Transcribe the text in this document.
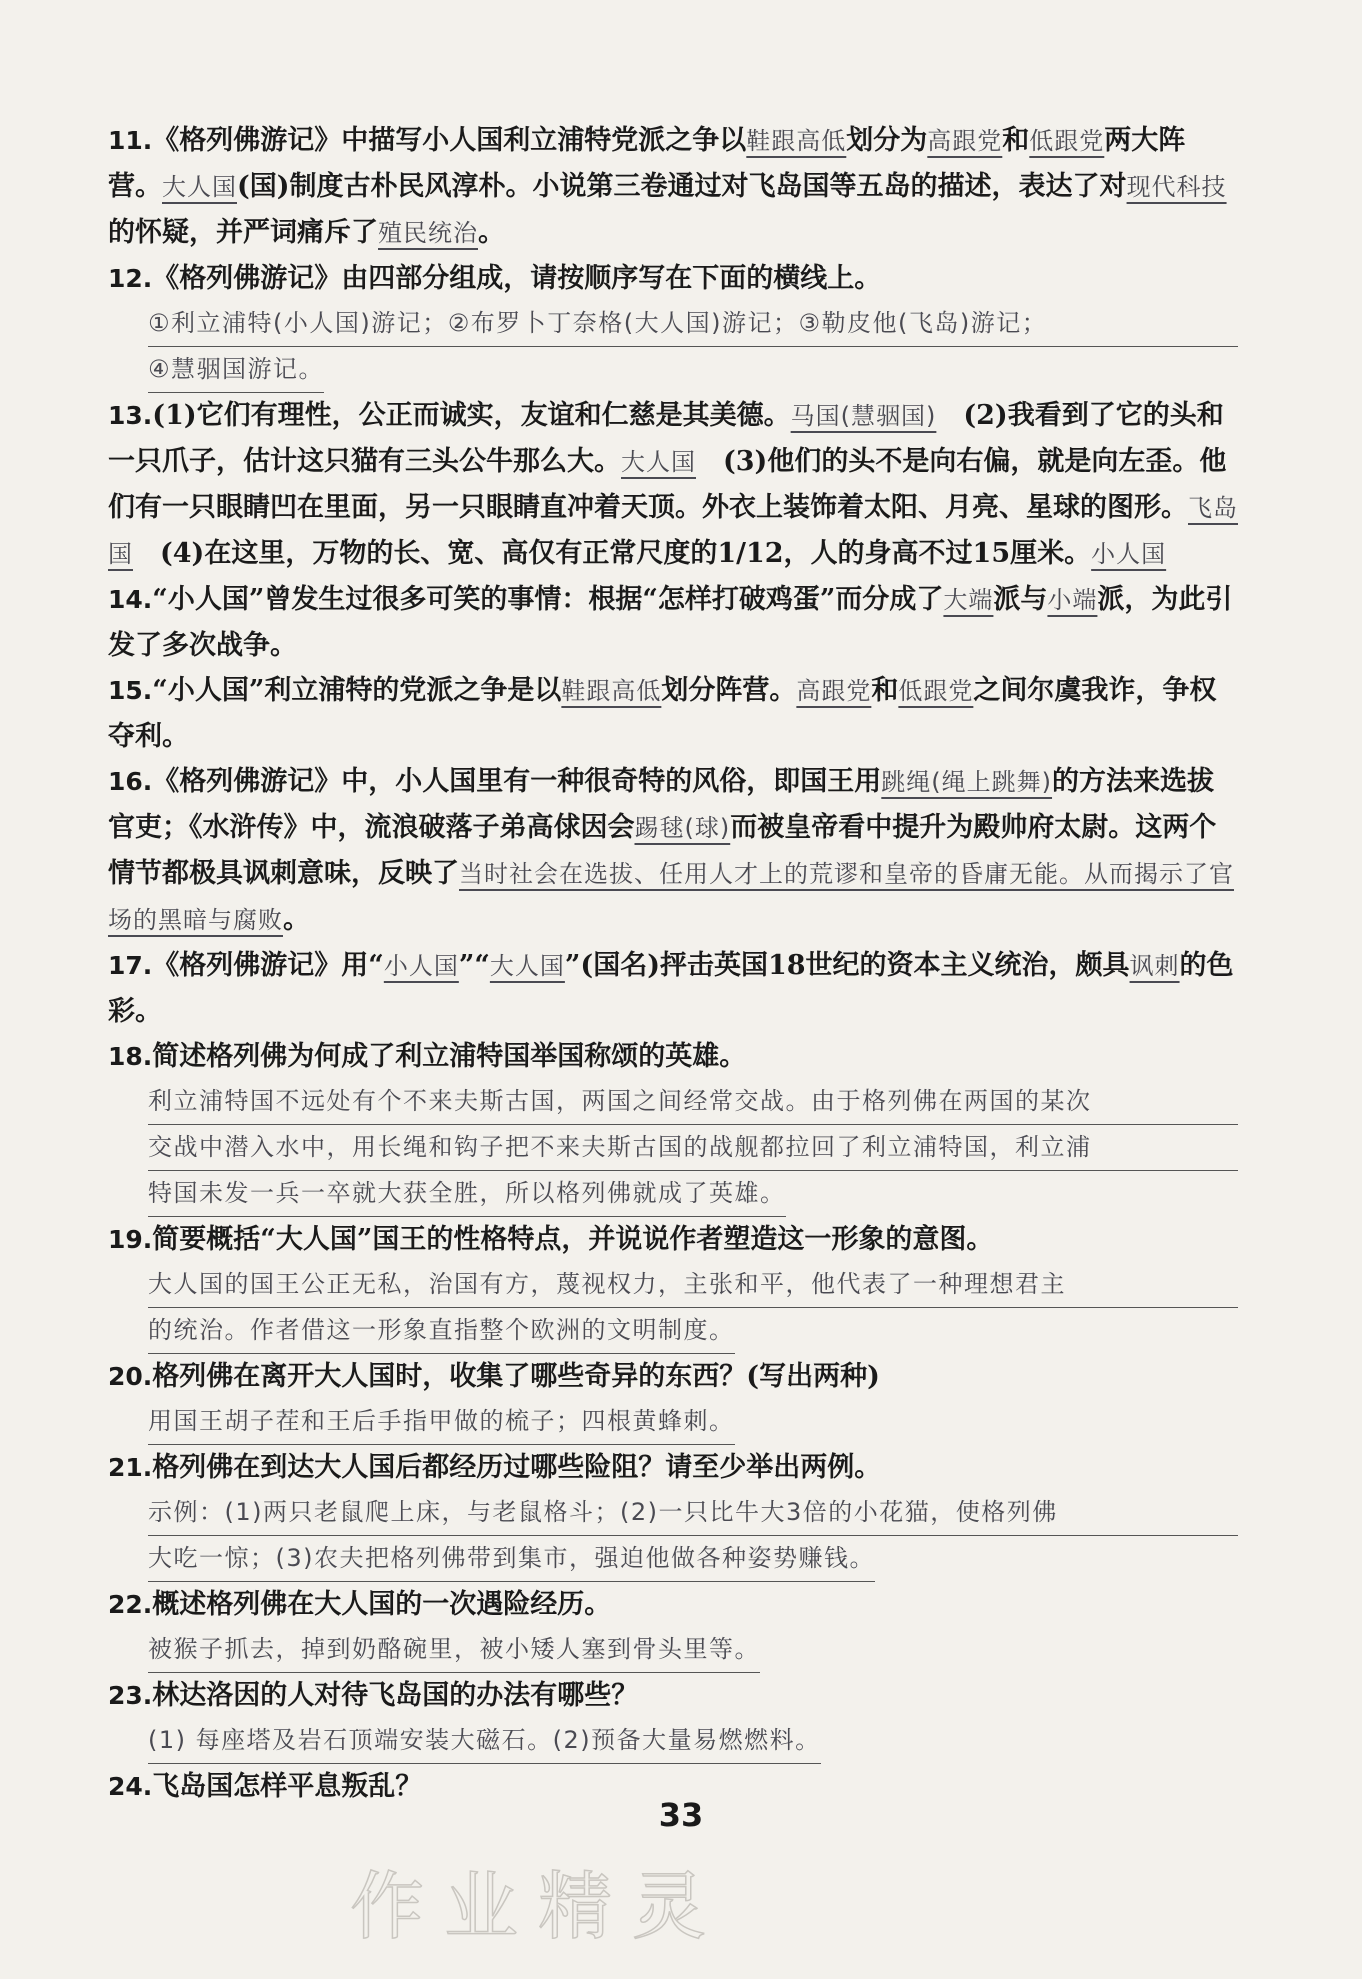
11.《格列佛游记》中描写小人国利立浦特党派之争以鞋跟高低划分为高跟党和低跟党两大阵营。大人国(国)制度古朴民风淳朴。小说第三卷通过对飞岛国等五岛的描述，表达了对现代科技的怀疑，并严词痛斥了殖民统治。
12.《格列佛游记》由四部分组成，请按顺序写在下面的横线上。
①利立浦特(小人国)游记；②布罗卜丁奈格(大人国)游记；③勒皮他(飞岛)游记；
④慧骃国游记。
13.(1)它们有理性，公正而诚实，友谊和仁慈是其美德。马国(慧骃国)　(2)我看到了它的头和一只爪子，估计这只猫有三头公牛那么大。大人国　(3)他们的头不是向右偏，就是向左歪。他们有一只眼睛凹在里面，另一只眼睛直冲着天顶。外衣上装饰着太阳、月亮、星球的图形。飞岛国　(4)在这里，万物的长、宽、高仅有正常尺度的1/12，人的身高不过15厘米。小人国
14.“小人国”曾发生过很多可笑的事情：根据“怎样打破鸡蛋”而分成了大端派与小端派，为此引发了多次战争。
15.“小人国”利立浦特的党派之争是以鞋跟高低划分阵营。高跟党和低跟党之间尔虞我诈，争权夺利。
16.《格列佛游记》中，小人国里有一种很奇特的风俗，即国王用跳绳(绳上跳舞)的方法来选拔官吏；《水浒传》中，流浪破落子弟高俅因会踢毬(球)而被皇帝看中提升为殿帅府太尉。这两个情节都极具讽刺意味，反映了当时社会在选拔、任用人才上的荒谬和皇帝的昏庸无能。从而揭示了官场的黑暗与腐败。
17.《格列佛游记》用“小人国”“大人国”(国名)抨击英国18世纪的资本主义统治，颇具讽刺的色彩。
18.简述格列佛为何成了利立浦特国举国称颂的英雄。
利立浦特国不远处有个不来夫斯古国，两国之间经常交战。由于格列佛在两国的某次
交战中潜入水中，用长绳和钩子把不来夫斯古国的战舰都拉回了利立浦特国，利立浦
特国未发一兵一卒就大获全胜，所以格列佛就成了英雄。
19.简要概括“大人国”国王的性格特点，并说说作者塑造这一形象的意图。
大人国的国王公正无私，治国有方，蔑视权力，主张和平，他代表了一种理想君主
的统治。作者借这一形象直指整个欧洲的文明制度。
20.格列佛在离开大人国时，收集了哪些奇异的东西？(写出两种)
用国王胡子茬和王后手指甲做的梳子；四根黄蜂刺。
21.格列佛在到达大人国后都经历过哪些险阻？请至少举出两例。
示例：(1)两只老鼠爬上床，与老鼠格斗；(2)一只比牛大3倍的小花猫，使格列佛
大吃一惊；(3)农夫把格列佛带到集市，强迫他做各种姿势赚钱。
22.概述格列佛在大人国的一次遇险经历。
被猴子抓去，掉到奶酪碗里，被小矮人塞到骨头里等。
23.林达洛因的人对待飞岛国的办法有哪些？
(1) 每座塔及岩石顶端安装大磁石。(2)预备大量易燃燃料。
24.飞岛国怎样平息叛乱？
33
作业精灵
